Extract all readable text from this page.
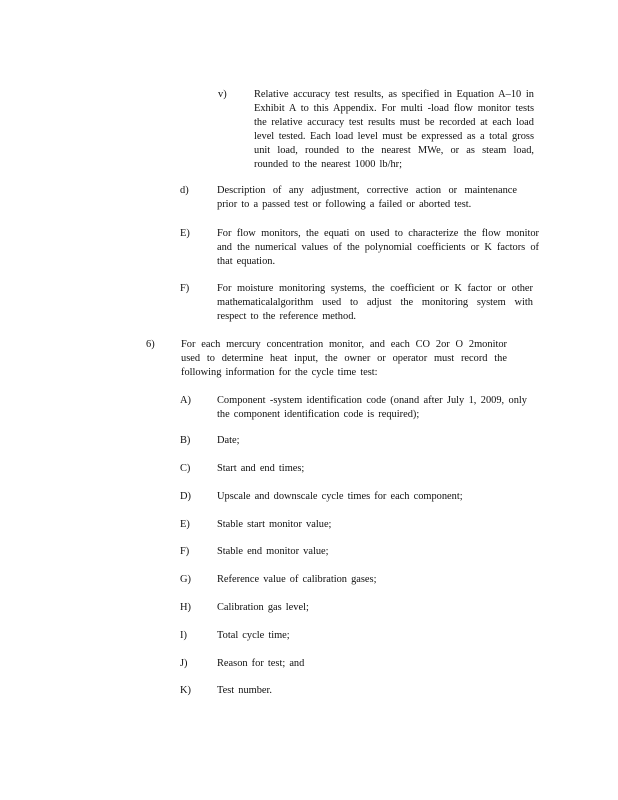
v)	Relative accuracy test results, as specified in Equation A–10 in Exhibit A to this Appendix. For multi -load flow monitor tests the relative accuracy test results must be recorded at each load level tested. Each load level must be expressed as a total gross unit load, rounded to the nearest MWe, or as steam load, rounded to the nearest 1000 lb/hr;
d)	Description of any adjustment, corrective action or maintenance prior to a passed test or following a failed or aborted test.
E)	For flow monitors, the equati on used to characterize the flow monitor and the numerical values of the polynomial coefficients or K factors of that equation.
F)	For moisture monitoring systems, the coefficient or K factor or other mathematicalalgorithm used to adjust the monitoring system with respect to the reference method.
6)	For each mercury concentration monitor, and each CO 2or O 2monitor used to determine heat input, the owner or operator must record the following information for the cycle time test:
A)	Component -system identification code (onand after July 1, 2009, only the component identification code is required);
B)	Date;
C)	Start and end times;
D)	Upscale and downscale cycle times for each component;
E)	Stable start monitor value;
F)	Stable end monitor value;
G)	Reference value of calibration gases;
H)	Calibration gas level;
I)	Total cycle time;
J)	Reason for test; and
K)	Test number.
